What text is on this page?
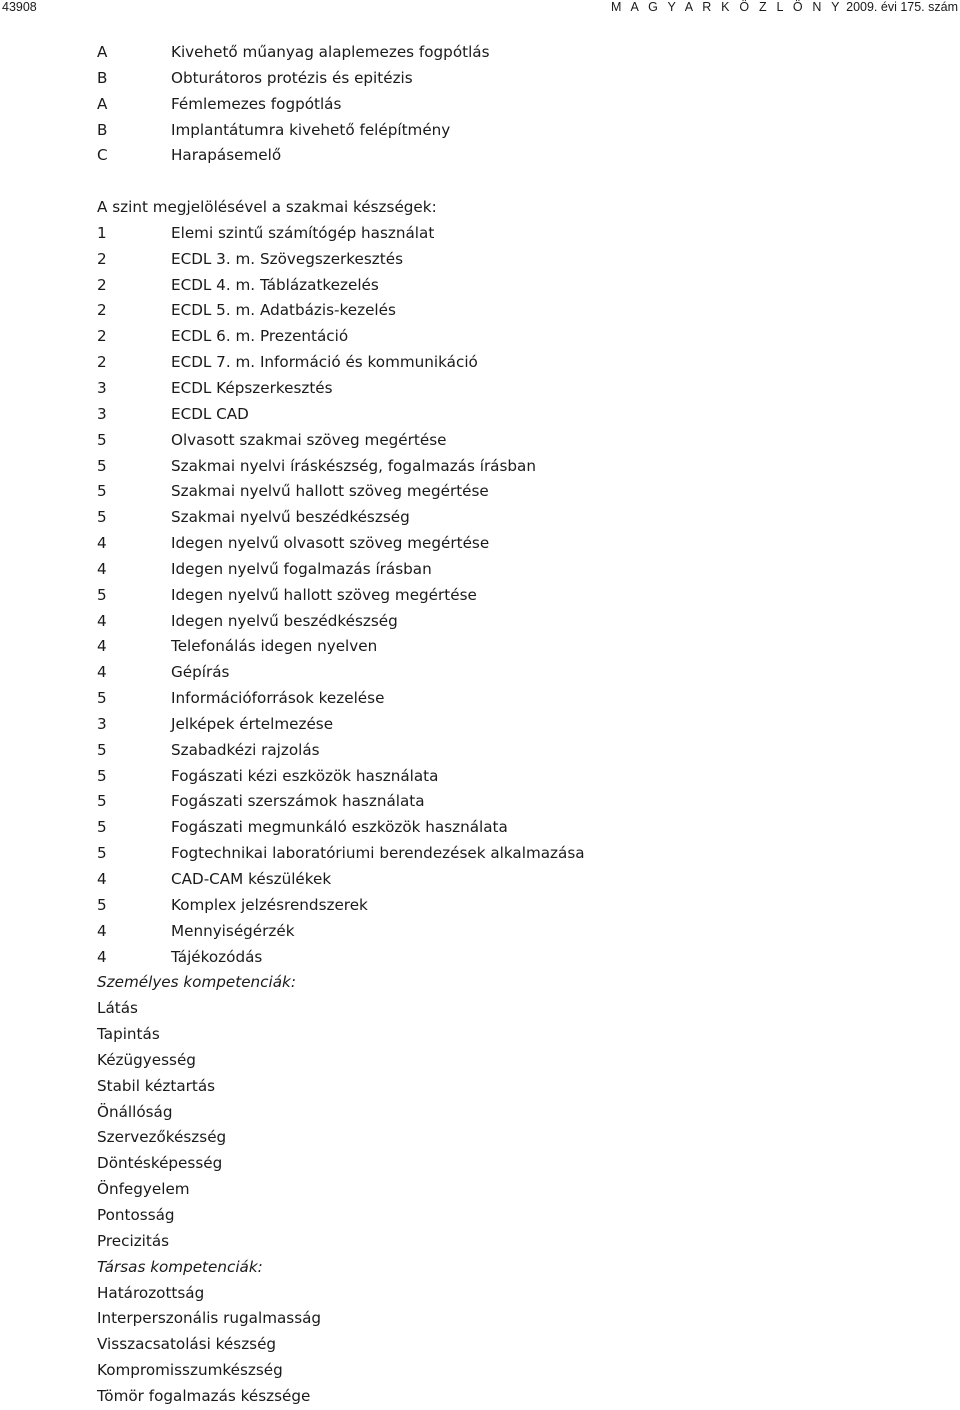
43908	M A G Y A R K Ö Z L Ö N Y 2009. évi 175. szám
A	Kivehető műanyag alaplemezes fogpótlás
B	Obturátoros protézis és epitézis
A	Fémlemezes fogpótlás
B	Implantátumra kivehető felépítmény
C	Harapásemelő
A szint megjelölésével a szakmai készségek:
1	Elemi szintű számítógép használat
2	ECDL 3. m. Szövegszerkesztés
2	ECDL 4. m. Táblázatkezelés
2	ECDL 5. m. Adatbázis-kezelés
2	ECDL 6. m. Prezentáció
2	ECDL 7. m. Információ és kommunikáció
3	ECDL Képszerkesztés
3	ECDL CAD
5	Olvasott szakmai szöveg megértése
5	Szakmai nyelvi íráskészség, fogalmazás írásban
5	Szakmai nyelvű hallott szöveg megértése
5	Szakmai nyelvű beszédkészség
4	Idegen nyelvű olvasott szöveg megértése
4	Idegen nyelvű fogalmazás írásban
5	Idegen nyelvű hallott szöveg megértése
4	Idegen nyelvű beszédkészség
4	Telefonálás idegen nyelven
4	Gépírás
5	Információforrások kezelése
3	Jelképek értelmezése
5	Szabadkézi rajzolás
5	Fogászati kézi eszközök használata
5	Fogászati szerszámok használata
5	Fogászati megmunkáló eszközök használata
5	Fogtechnikai laboratóriumi berendezések alkalmazása
4	CAD-CAM készülékek
5	Komplex jelzésrendszerek
4	Mennyiségérzék
4	Tájékozódás
Személyes kompetenciák:
Látás
Tapintás
Kézügyesség
Stabil kéztartás
Önállóság
Szervezőkészség
Döntésképesség
Önfegyelem
Pontosság
Precizitás
Társas kompetenciák:
Határozottság
Interperszonális rugalmasság
Visszacsatolási készség
Kompromisszumkészség
Tömör fogalmazás készsége
